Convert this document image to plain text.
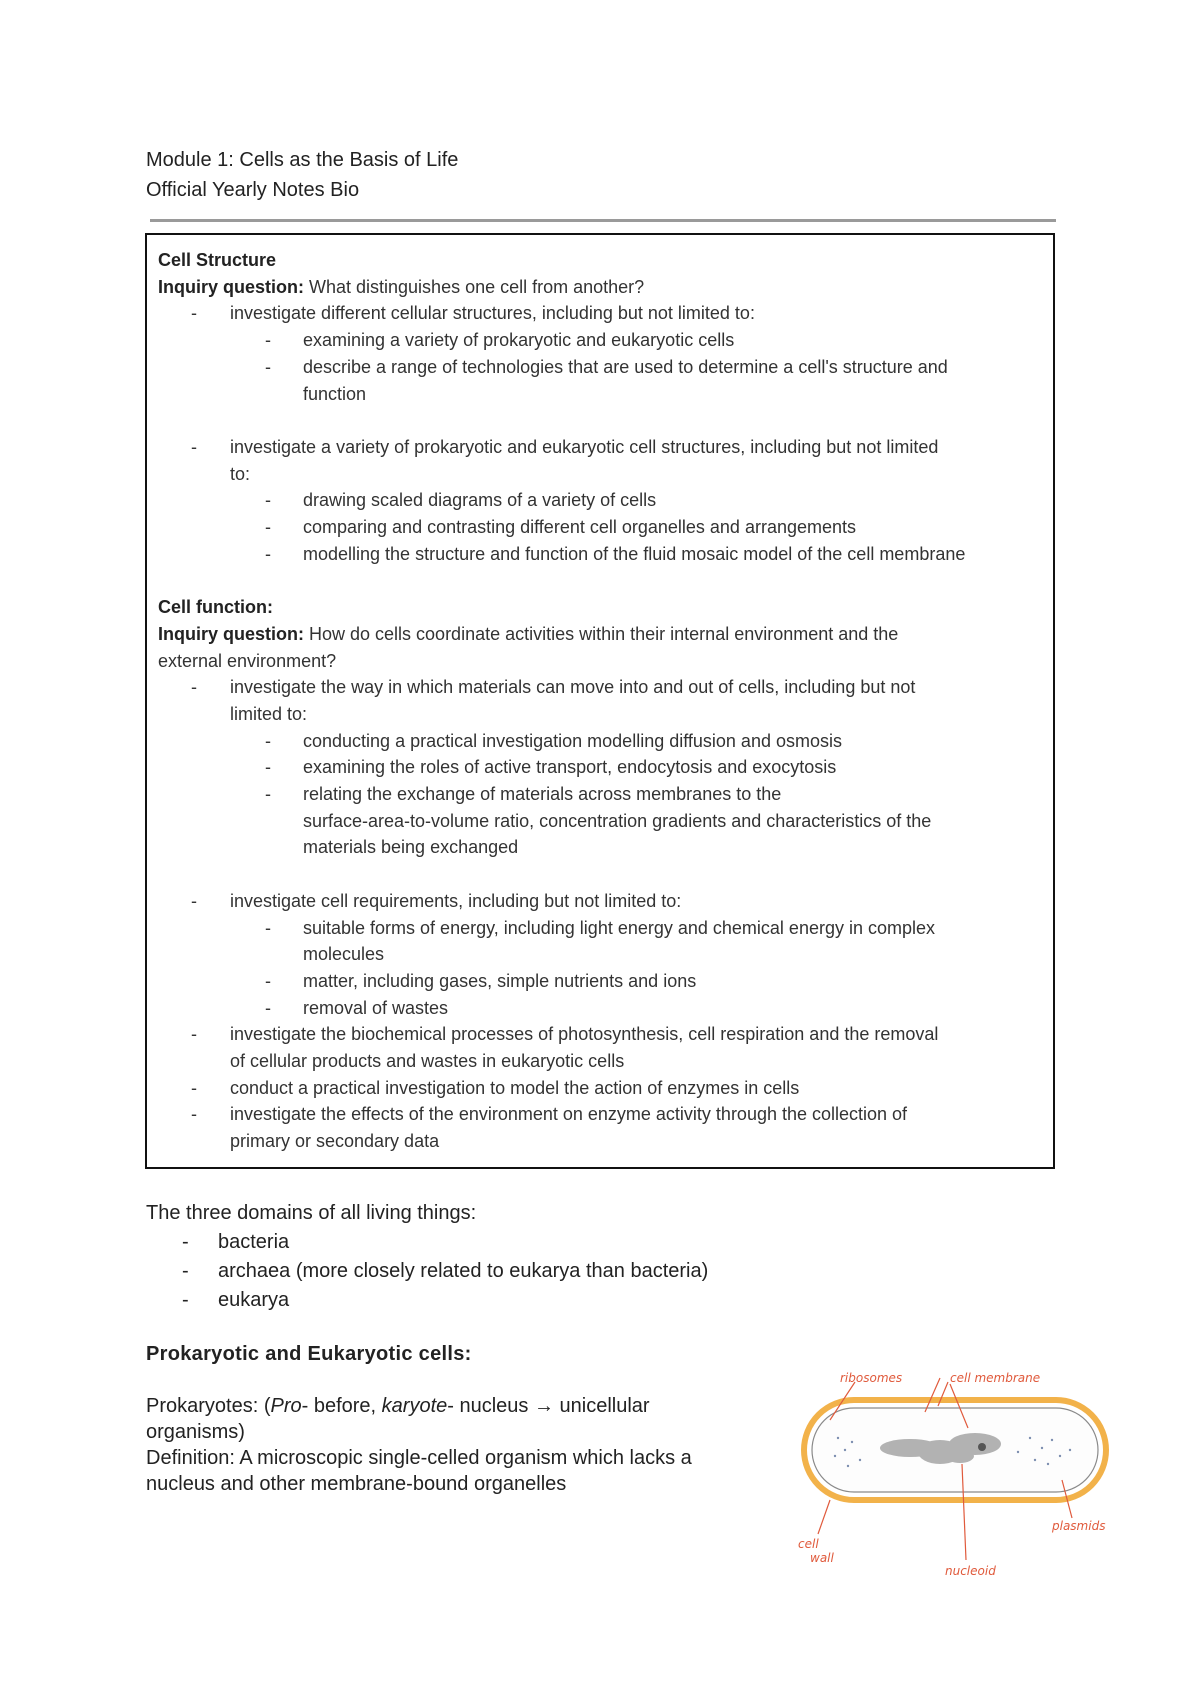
Module 1: Cells as the Basis of Life
Official Yearly Notes Bio
Cell Structure
Inquiry question: What distinguishes one cell from another?
- investigate different cellular structures, including but not limited to:
- examining a variety of prokaryotic and eukaryotic cells
- describe a range of technologies that are used to determine a cell's structure and
function
- investigate a variety of prokaryotic and eukaryotic cell structures, including but not limited
to:
- drawing scaled diagrams of a variety of cells
- comparing and contrasting different cell organelles and arrangements
- modelling the structure and function of the fluid mosaic model of the cell membrane
Cell function:
Inquiry question: How do cells coordinate activities within their internal environment and the
external environment?
- investigate the way in which materials can move into and out of cells, including but not
limited to:
- conducting a practical investigation modelling diffusion and osmosis
- examining the roles of active transport, endocytosis and exocytosis
- relating the exchange of materials across membranes to the
surface-area-to-volume ratio, concentration gradients and characteristics of the
materials being exchanged
- investigate cell requirements, including but not limited to:
- suitable forms of energy, including light energy and chemical energy in complex
molecules
- matter, including gases, simple nutrients and ions
- removal of wastes
- investigate the biochemical processes of photosynthesis, cell respiration and the removal
of cellular products and wastes in eukaryotic cells
- conduct a practical investigation to model the action of enzymes in cells
- investigate the effects of the environment on enzyme activity through the collection of
primary or secondary data
The three domains of all living things:
- bacteria
- archaea (more closely related to eukarya than bacteria)
- eukarya
Prokaryotic and Eukaryotic cells:
Prokaryotes: (Pro- before, karyote- nucleus → unicellular
organisms)
Definition: A microscopic single-celled organism which lacks a
nucleus and other membrane-bound organelles
ribosomes	cell membrane
plasmids
nucleoid
cell
wall
